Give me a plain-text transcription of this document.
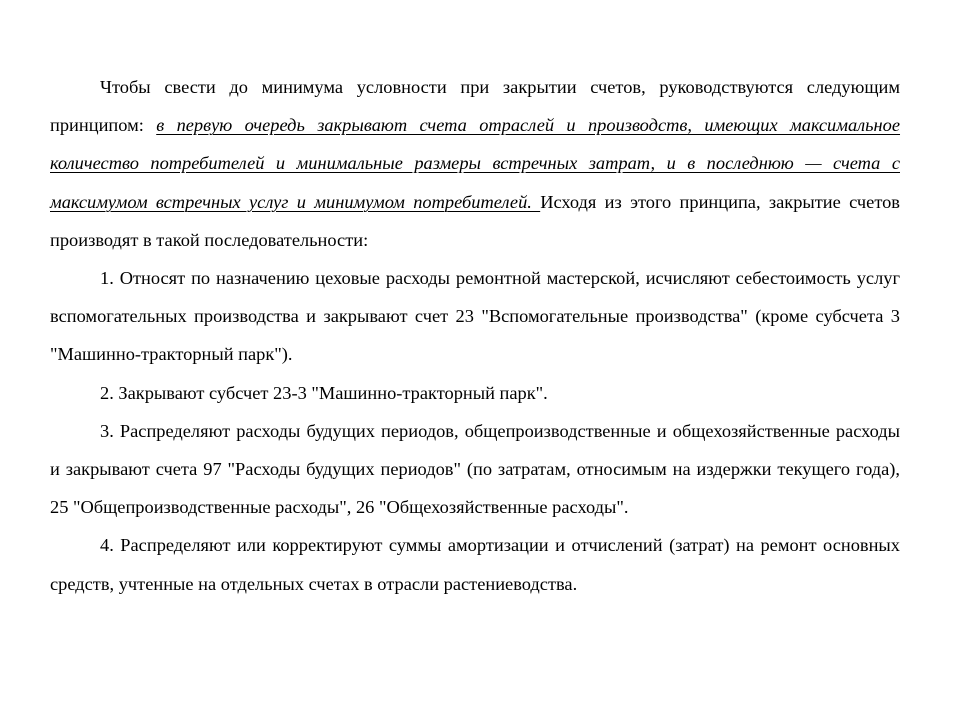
Чтобы свести до минимума условности при закрытии счетов, руководствуются следующим принципом: в первую очередь закрывают счета отраслей и производств, имеющих максимальное количество потребителей и минимальные размеры встречных затрат, и в последнюю — счета с максимумом встречных услуг и минимумом потребителей. Исходя из этого принципа, закрытие счетов производят в такой последовательности:

1. Относят по назначению цеховые расходы ремонтной мастерской, исчисляют себестоимость услуг вспомогательных производства и закрывают счет 23 "Вспомогательные производства" (кроме субсчета 3 "Машинно-тракторный парк").

2. Закрывают субсчет 23-3 "Машинно-тракторный парк".

3. Распределяют расходы будущих периодов, общепроизводственные и общехозяйственные расходы и закрывают счета 97 "Расходы будущих периодов" (по затратам, относимым на издержки текущего года), 25 "Общепроизводственные расходы", 26 "Общехозяйственные расходы".

4. Распределяют или корректируют суммы амортизации и отчислений (затрат) на ремонт основных средств, учтенные на отдельных счетах в отрасли растениеводства.
